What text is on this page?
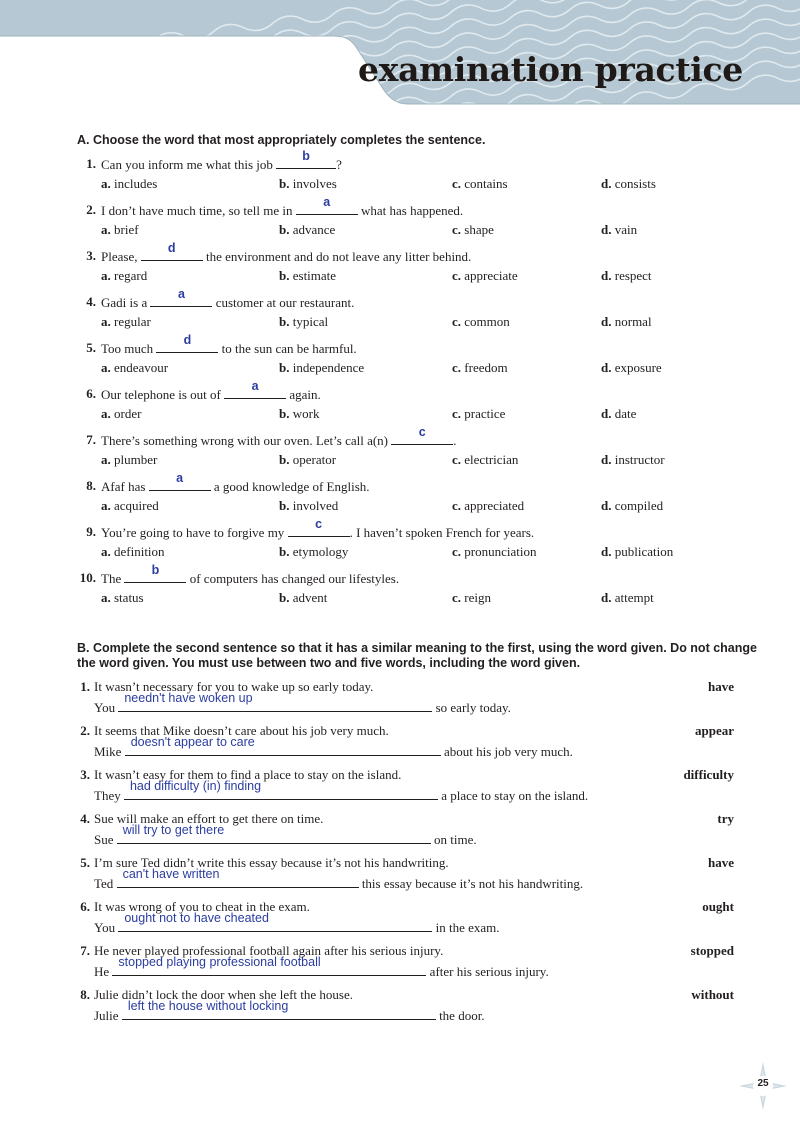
examination practice
A. Choose the word that most appropriately completes the sentence.
1. Can you inform me what this job
b
?
a. includes	b. involves	c. contains	d. consists
2. I don’t have much time, so tell me in
a
what has happened.
a. brief	b. advance	c. shape	d. vain
3. Please,
d
the environment and do not leave any litter behind.
a. regard	b. estimate	c. appreciate	d. respect
4. Gadi is a
a
customer at our restaurant.
a. regular	b. typical	c. common	d. normal
5. Too much
d
to the sun can be harmful.
a. endeavour	b. independence	c. freedom	d. exposure
6. Our telephone is out of
a
again.
a. order	b. work	c. practice	d. date
7. There’s something wrong with our oven. Let’s call a(n)
c
.
a. plumber	b. operator	c. electrician	d. instructor
8. Afaf has
a
a good knowledge of English.
a. acquired	b. involved	c. appreciated	d. compiled
9. You’re going to have to forgive my
c
. I haven’t spoken French for years.
a. definition	b. etymology	c. pronunciation	d. publication
10. The
b
of computers has changed our lifestyles.
a. status	b. advent	c. reign	d. attempt
B. Complete the second sentence so that it has a similar meaning to the first, using the word given. Do not change the word given. You must use between two and five words, including the word given.
1. It wasn’t necessary for you to wake up so early today.	have
You
needn't have woken up
so early today.
2. It seems that Mike doesn’t care about his job very much.	appear
Mike
doesn't appear to care
about his job very much.
3. It wasn’t easy for them to find a place to stay on the island.	difficulty
They
had difficulty (in) finding
a place to stay on the island.
4. Sue will make an effort to get there on time.	try
Sue
will try to get there
on time.
5. I’m sure Ted didn’t write this essay because it’s not his handwriting.	have
Ted
can't have written
this essay because it’s not his handwriting.
6. It was wrong of you to cheat in the exam.	ought
You
ought not to have cheated
in the exam.
7. He never played professional football again after his serious injury.	stopped
He
stopped playing professional football
after his serious injury.
8. Julie didn’t lock the door when she left the house.	without
Julie
left the house without locking
the door.
25
